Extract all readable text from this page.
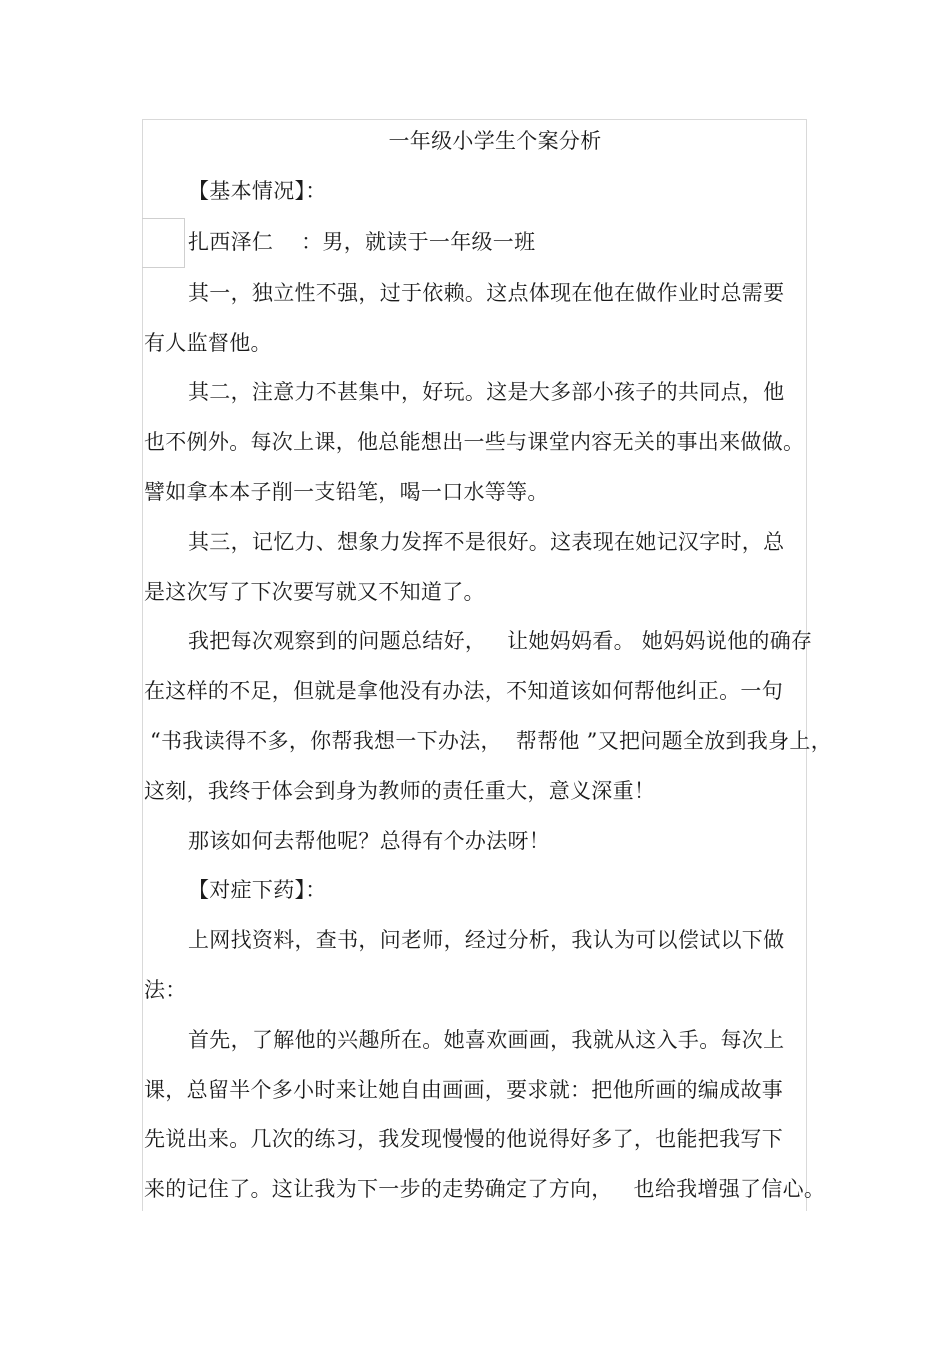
一年级小学生个案分析
【基本情况】：
扎西泽仁    ：男，就读于一年级一班
其一，独立性不强，过于依赖。这点体现在他在做作业时总需要
有人监督他。
其二，注意力不甚集中，好玩。这是大多部小孩子的共同点，他
也不例外。每次上课，他总能想出一些与课堂内容无关的事出来做做。
譬如拿本本子削一支铅笔，喝一口水等等。
其三，记忆力、想象力发挥不是很好。这表现在她记汉字时，总
是这次写了下次要写就又不知道了。
我把每次观察到的问题总结好，   让她妈妈看。 她妈妈说他的确存
在这样的不足，但就是拿他没有办法，不知道该如何帮他纠正。一句
“书我读得不多，你帮我想一下办法，  帮帮他 ”又把问题全放到我身上，
这刻，我终于体会到身为教师的责任重大，意义深重！
那该如何去帮他呢？总得有个办法呀！
【对症下药】：
上网找资料，查书，问老师，经过分析，我认为可以偿试以下做
法：
首先，了解他的兴趣所在。她喜欢画画，我就从这入手。每次上
课，总留半个多小时来让她自由画画，要求就：把他所画的编成故事
先说出来。几次的练习，我发现慢慢的他说得好多了，也能把我写下
来的记住了。这让我为下一步的走势确定了方向，   也给我增强了信心。
